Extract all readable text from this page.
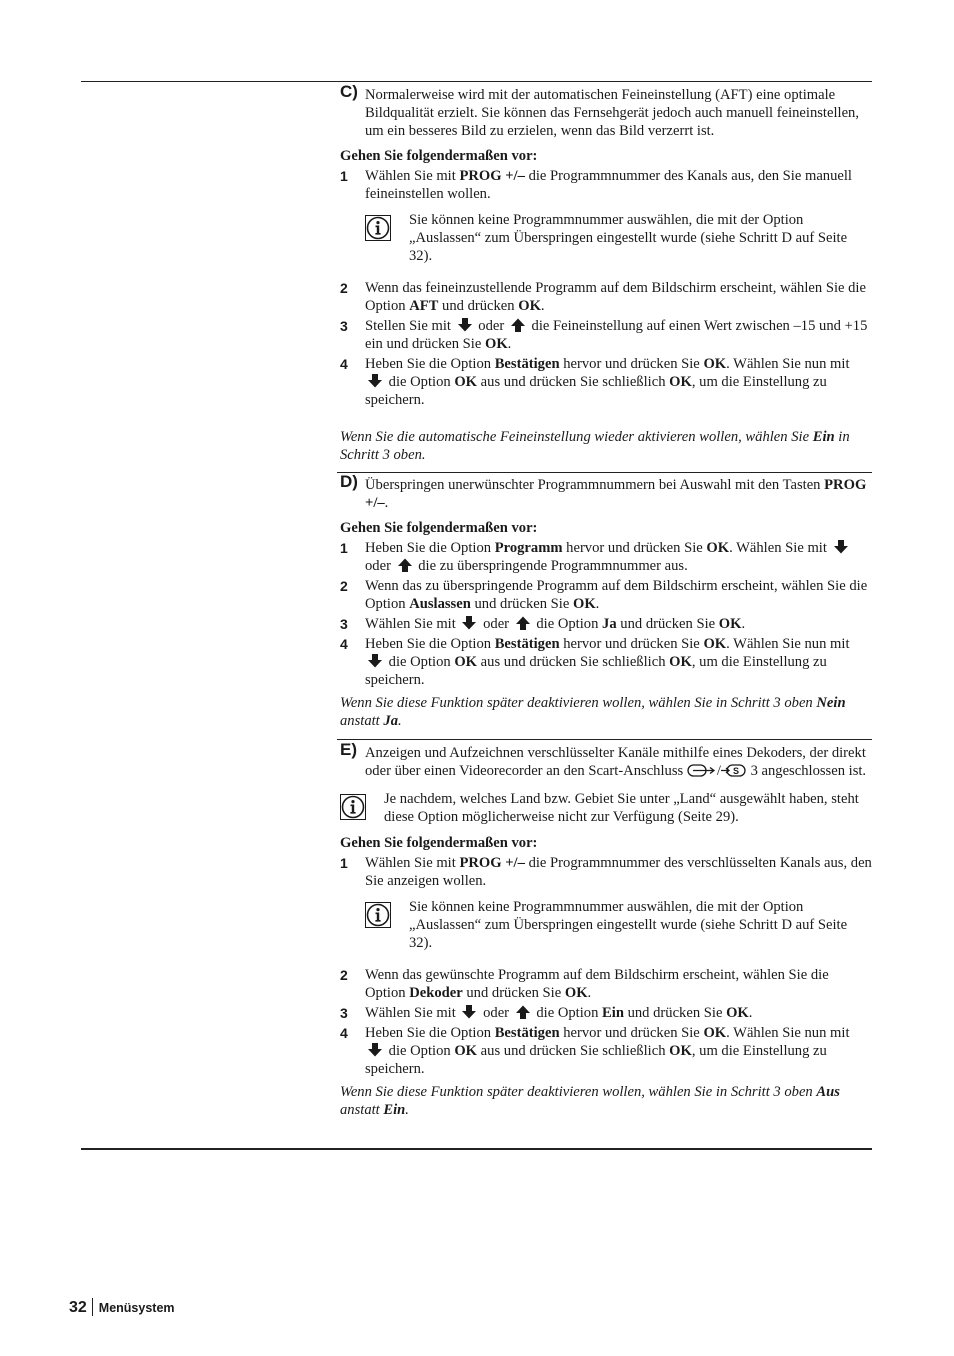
C) Normalerweise wird mit der automatischen Feineinstellung (AFT) eine optimale Bildqualität erzielt. Sie können das Fernsehgerät jedoch auch manuell feineinstellen, um ein besseres Bild zu erzielen, wenn das Bild verzerrt ist.
Gehen Sie folgendermaßen vor:
1 Wählen Sie mit PROG +/– die Programmnummer des Kanals aus, den Sie manuell feineinstellen wollen.
Sie können keine Programmnummer auswählen, die mit der Option „Auslassen“ zum Überspringen eingestellt wurde (siehe Schritt D auf Seite 32).
2 Wenn das feineinzustellende Programm auf dem Bildschirm erscheint, wählen Sie die Option AFT und drücken OK.
3 Stellen Sie mit oder die Feineinstellung auf einen Wert zwischen –15 und +15 ein und drücken Sie OK.
4 Heben Sie die Option Bestätigen hervor und drücken Sie OK. Wählen Sie nun mit  die Option OK aus und drücken Sie schließlich OK, um die Einstellung zu speichern.
Wenn Sie die automatische Feineinstellung wieder aktivieren wollen, wählen Sie Ein in Schritt 3 oben.
D) Überspringen unerwünschter Programmnummern bei Auswahl mit den Tasten PROG +/–.
Gehen Sie folgendermaßen vor:
1 Heben Sie die Option Programm hervor und drücken Sie OK. Wählen Sie mit  oder die zu überspringende Programmnummer aus.
2 Wenn das zu überspringende Programm auf dem Bildschirm erscheint, wählen Sie die Option Auslassen und drücken Sie OK.
3 Wählen Sie mit oder die Option Ja und drücken Sie OK.
4 Heben Sie die Option Bestätigen hervor und drücken Sie OK. Wählen Sie nun mit  die Option OK aus und drücken Sie schließlich OK, um die Einstellung zu speichern.
Wenn Sie diese Funktion später deaktivieren wollen, wählen Sie in Schritt 3 oben Nein anstatt Ja.
E) Anzeigen und Aufzeichnen verschlüsselter Kanäle mithilfe eines Dekoders, der direkt oder über einen Videorecorder an den Scart-Anschluss / S 3 angeschlossen ist.
Je nachdem, welches Land bzw. Gebiet Sie unter „Land“ ausgewählt haben, steht diese Option möglicherweise nicht zur Verfügung (Seite 29).
Gehen Sie folgendermaßen vor:
1 Wählen Sie mit PROG +/– die Programmnummer des verschlüsselten Kanals aus, den Sie anzeigen wollen.
Sie können keine Programmnummer auswählen, die mit der Option „Auslassen“ zum Überspringen eingestellt wurde (siehe Schritt D auf Seite 32).
2 Wenn das gewünschte Programm auf dem Bildschirm erscheint, wählen Sie die Option Dekoder und drücken Sie OK.
3 Wählen Sie mit oder die Option Ein und drücken Sie OK.
4 Heben Sie die Option Bestätigen hervor und drücken Sie OK. Wählen Sie nun mit  die Option OK aus und drücken Sie schließlich OK, um die Einstellung zu speichern.
Wenn Sie diese Funktion später deaktivieren wollen, wählen Sie in Schritt 3 oben Aus anstatt Ein.
32 Menüsystem
